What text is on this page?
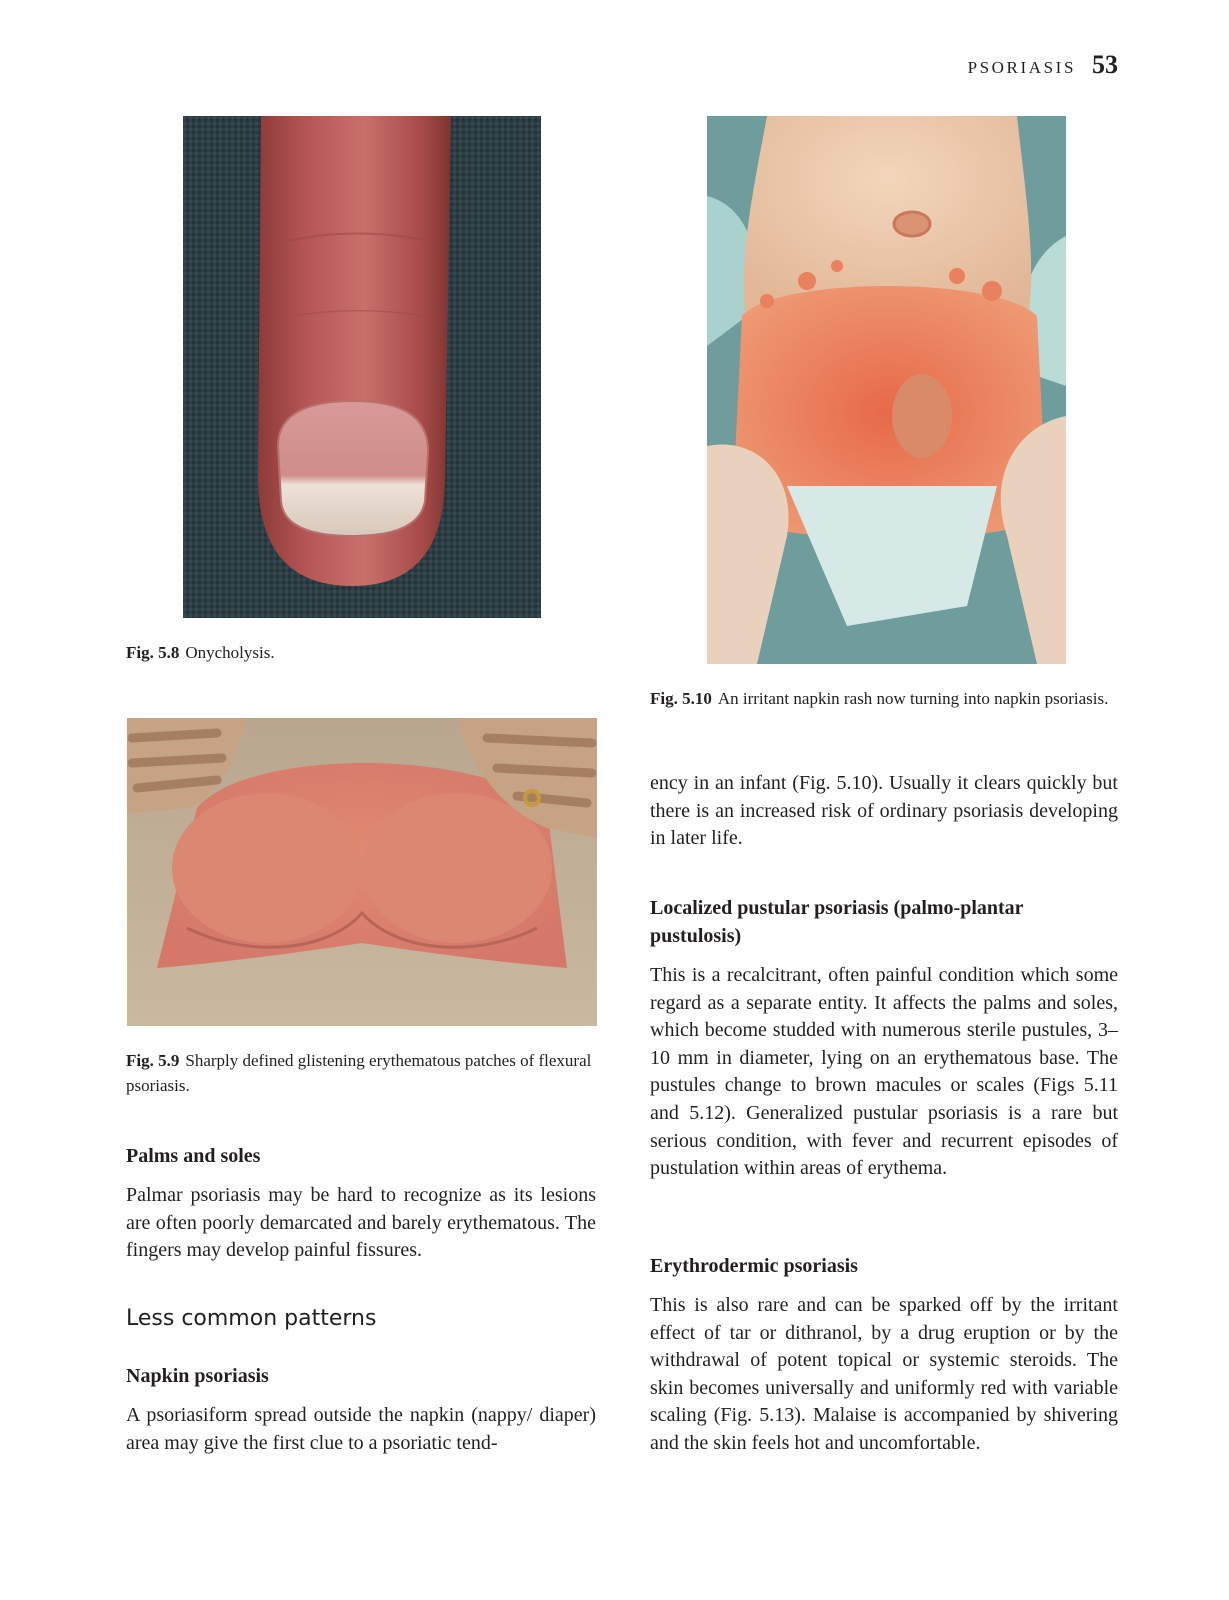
PSORIASIS 53
Fig. 5.8 Onycholysis.
Fig. 5.10 An irritant napkin rash now turning into napkin psoriasis.
Fig. 5.9 Sharply defined glistening erythematous patches of flexural psoriasis.
Palms and soles

Palmar psoriasis may be hard to recognize as its lesions are often poorly demarcated and barely erythematous. The fingers may develop painful fissures.

Less common patterns
Napkin psoriasis

A psoriasiform spread outside the napkin (nappy/ diaper) area may give the first clue to a psoriatic tend-

ency in an infant (Fig. 5.10). Usually it clears quickly but there is an increased risk of ordinary psoriasis developing in later life.

Localized pustular psoriasis (palmo-plantar pustulosis)

This is a recalcitrant, often painful condition which some regard as a separate entity. It affects the palms and soles, which become studded with numerous sterile pustules, 3–10 mm in diameter, lying on an erythematous base. The pustules change to brown macules or scales (Figs 5.11 and 5.12). Generalized pustular psoriasis is a rare but serious condition, with fever and recurrent episodes of pustulation within areas of erythema.

Erythrodermic psoriasis

This is also rare and can be sparked off by the irritant effect of tar or dithranol, by a drug eruption or by the withdrawal of potent topical or systemic steroids. The skin becomes universally and uniformly red with variable scaling (Fig. 5.13). Malaise is accompanied by shivering and the skin feels hot and uncomfortable.
